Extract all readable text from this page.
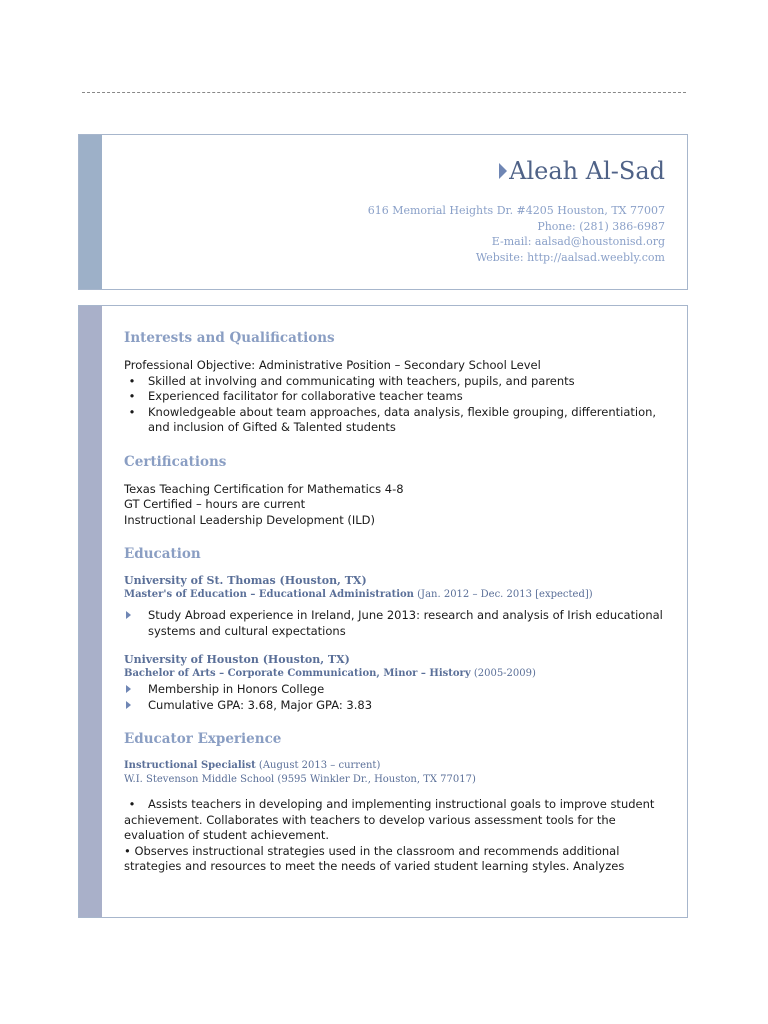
Aleah Al-Sad
616 Memorial Heights Dr. #4205 Houston, TX 77007
Phone: (281) 386-6987
E-mail: aalsad@houstonisd.org
Website: http://aalsad.weebly.com
Interests and Qualifications
Professional Objective: Administrative Position – Secondary School Level
• Skilled at involving and communicating with teachers, pupils, and parents
• Experienced facilitator for collaborative teacher teams
• Knowledgeable about team approaches, data analysis, flexible grouping, differentiation, and inclusion of Gifted & Talented students
Certifications
Texas Teaching Certification for Mathematics 4-8
GT Certified – hours are current
Instructional Leadership Development (ILD)
Education
University of St. Thomas (Houston, TX)
Master's of Education – Educational Administration (Jan. 2012 – Dec. 2013 [expected])
Study Abroad experience in Ireland, June 2013: research and analysis of Irish educational systems and cultural expectations
University of Houston (Houston, TX)
Bachelor of Arts – Corporate Communication, Minor – History (2005-2009)
Membership in Honors College
Cumulative GPA: 3.68, Major GPA: 3.83
Educator Experience
Instructional Specialist (August 2013 – current)
W.I. Stevenson Middle School (9595 Winkler Dr., Houston, TX 77017)
• Assists teachers in developing and implementing instructional goals to improve student
achievement. Collaborates with teachers to develop various assessment tools for the evaluation of student achievement.
• Observes instructional strategies used in the classroom and recommends additional strategies and resources to meet the needs of varied student learning styles. Analyzes
